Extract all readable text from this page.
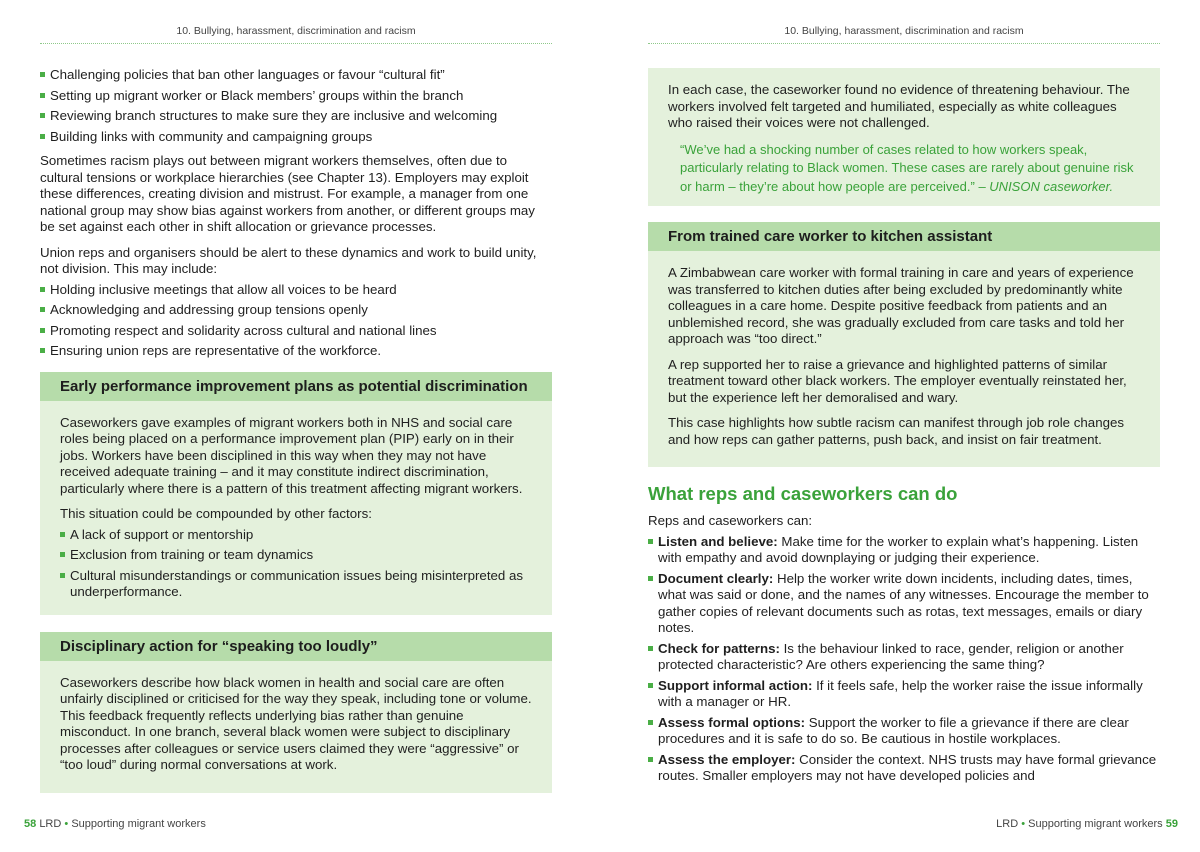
10. Bullying, harassment, discrimination and racism
Challenging policies that ban other languages or favour “cultural fit”
Setting up migrant worker or Black members’ groups within the branch
Reviewing branch structures to make sure they are inclusive and welcoming
Building links with community and campaigning groups

Sometimes racism plays out between migrant workers themselves, often due to cultural tensions or workplace hierarchies (see Chapter 13). Employers may exploit these differences, creating division and mistrust. For example, a manager from one national group may show bias against workers from another, or different groups may be set against each other in shift allocation or grievance processes.

Union reps and organisers should be alert to these dynamics and work to build unity, not division. This may include:

Holding inclusive meetings that allow all voices to be heard
Acknowledging and addressing group tensions openly
Promoting respect and solidarity across cultural and national lines
Ensuring union reps are representative of the workforce.
Early performance improvement plans as potential discrimination

Caseworkers gave examples of migrant workers both in NHS and social care roles being placed on a performance improvement plan (PIP) early on in their jobs. Workers have been disciplined in this way when they may not have received adequate training – and it may constitute indirect discrimination, particularly where there is a pattern of this treatment affecting migrant workers.

This situation could be compounded by other factors:

A lack of support or mentorship
Exclusion from training or team dynamics
Cultural misunderstandings or communication issues being misinterpreted as underperformance.
Disciplinary action for “speaking too loudly”

Caseworkers describe how black women in health and social care are often unfairly disciplined or criticised for the way they speak, including tone or volume. This feedback frequently reflects underlying bias rather than genuine misconduct. In one branch, several black women were subject to disciplinary processes after colleagues or service users claimed they were “aggressive” or “too loud” during normal conversations at work.

58 LRD • Supporting migrant workers
10. Bullying, harassment, discrimination and racism

In each case, the caseworker found no evidence of threatening behaviour. The workers involved felt targeted and humiliated, especially as white colleagues who raised their voices were not challenged.

“We’ve had a shocking number of cases related to how workers speak, particularly relating to Black women. These cases are rarely about genuine risk or harm – they’re about how people are perceived.” – UNISON caseworker.
From trained care worker to kitchen assistant

A Zimbabwean care worker with formal training in care and years of experience was transferred to kitchen duties after being excluded by predominantly white colleagues in a care home. Despite positive feedback from patients and an unblemished record, she was gradually excluded from care tasks and told her approach was “too direct.”

A rep supported her to raise a grievance and highlighted patterns of similar treatment toward other black workers. The employer eventually reinstated her, but the experience left her demoralised and wary.

This case highlights how subtle racism can manifest through job role changes and how reps can gather patterns, push back, and insist on fair treatment.

What reps and caseworkers can do

Reps and caseworkers can:

Listen and believe: Make time for the worker to explain what’s happening. Listen with empathy and avoid downplaying or judging their experience.
Document clearly: Help the worker write down incidents, including dates, times, what was said or done, and the names of any witnesses. Encourage the member to gather copies of relevant documents such as rotas, text messages, emails or diary notes.
Check for patterns: Is the behaviour linked to race, gender, religion or another protected characteristic? Are others experiencing the same thing?
Support informal action: If it feels safe, help the worker raise the issue informally with a manager or HR.
Assess formal options: Support the worker to file a grievance if there are clear procedures and it is safe to do so. Be cautious in hostile workplaces.
Assess the employer: Consider the context. NHS trusts may have formal grievance routes. Smaller employers may not have developed policies and
LRD • Supporting migrant workers 59
